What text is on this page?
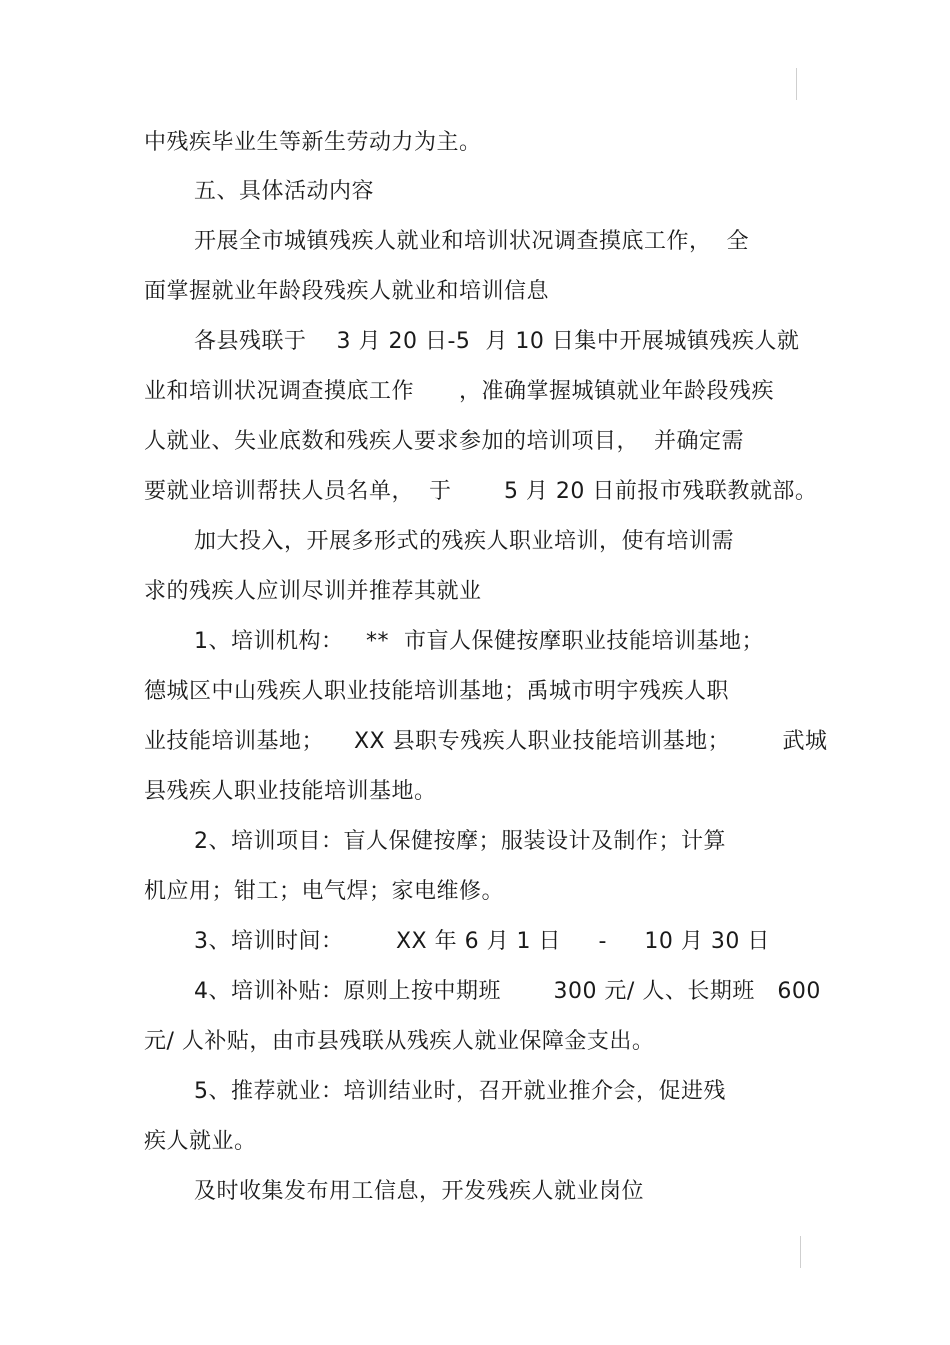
中残疾毕业生等新生劳动力为主。
五、具体活动内容
开展全市城镇残疾人就业和培训状况调查摸底工作，  全
面掌握就业年龄段残疾人就业和培训信息
各县残联于    3 月 20 日-5  月 10 日集中开展城镇残疾人就
业和培训状况调查摸底工作      ，准确掌握城镇就业年龄段残疾
人就业、失业底数和残疾人要求参加的培训项目，  并确定需
要就业培训帮扶人员名单，  于       5 月 20 日前报市残联教就部。
加大投入，开展多形式的残疾人职业培训，使有培训需
求的残疾人应训尽训并推荐其就业
1、培训机构：   **  市盲人保健按摩职业技能培训基地；
德城区中山残疾人职业技能培训基地；禹城市明宇残疾人职
业技能培训基地；    XX 县职专残疾人职业技能培训基地；       武城
县残疾人职业技能培训基地。
2、培训项目：盲人保健按摩；服装设计及制作；计算
机应用；钳工；电气焊；家电维修。
3、培训时间：       XX 年 6 月 1 日     -     10 月 30 日
4、培训补贴：原则上按中期班       300 元/ 人、长期班   600
元/ 人补贴，由市县残联从残疾人就业保障金支出。
5、推荐就业：培训结业时，召开就业推介会，促进残
疾人就业。
及时收集发布用工信息，开发残疾人就业岗位
